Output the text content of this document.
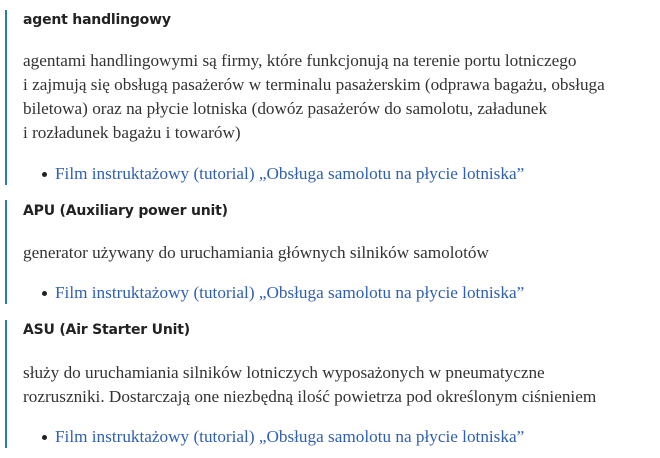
agent handlingowy
agentami handlingowymi są firmy, które funkcjonują na terenie portu lotniczego
i zajmują się obsługą pasażerów w terminalu pasażerskim (odprawa bagażu, obsługa
biletowa) oraz na płycie lotniska (dowóz pasażerów do samolotu, załadunek
i rozładunek bagażu i towarów)
Film instruktażowy (tutorial) „Obsługa samolotu na płycie lotniska”
APU (Auxiliary power unit)
generator używany do uruchamiania głównych silników samolotów
Film instruktażowy (tutorial) „Obsługa samolotu na płycie lotniska”
ASU (Air Starter Unit)
służy do uruchamiania silników lotniczych wyposażonych w pneumatyczne
rozruszniki. Dostarczają one niezbędną ilość powietrza pod określonym ciśnieniem
Film instruktażowy (tutorial) „Obsługa samolotu na płycie lotniska”
